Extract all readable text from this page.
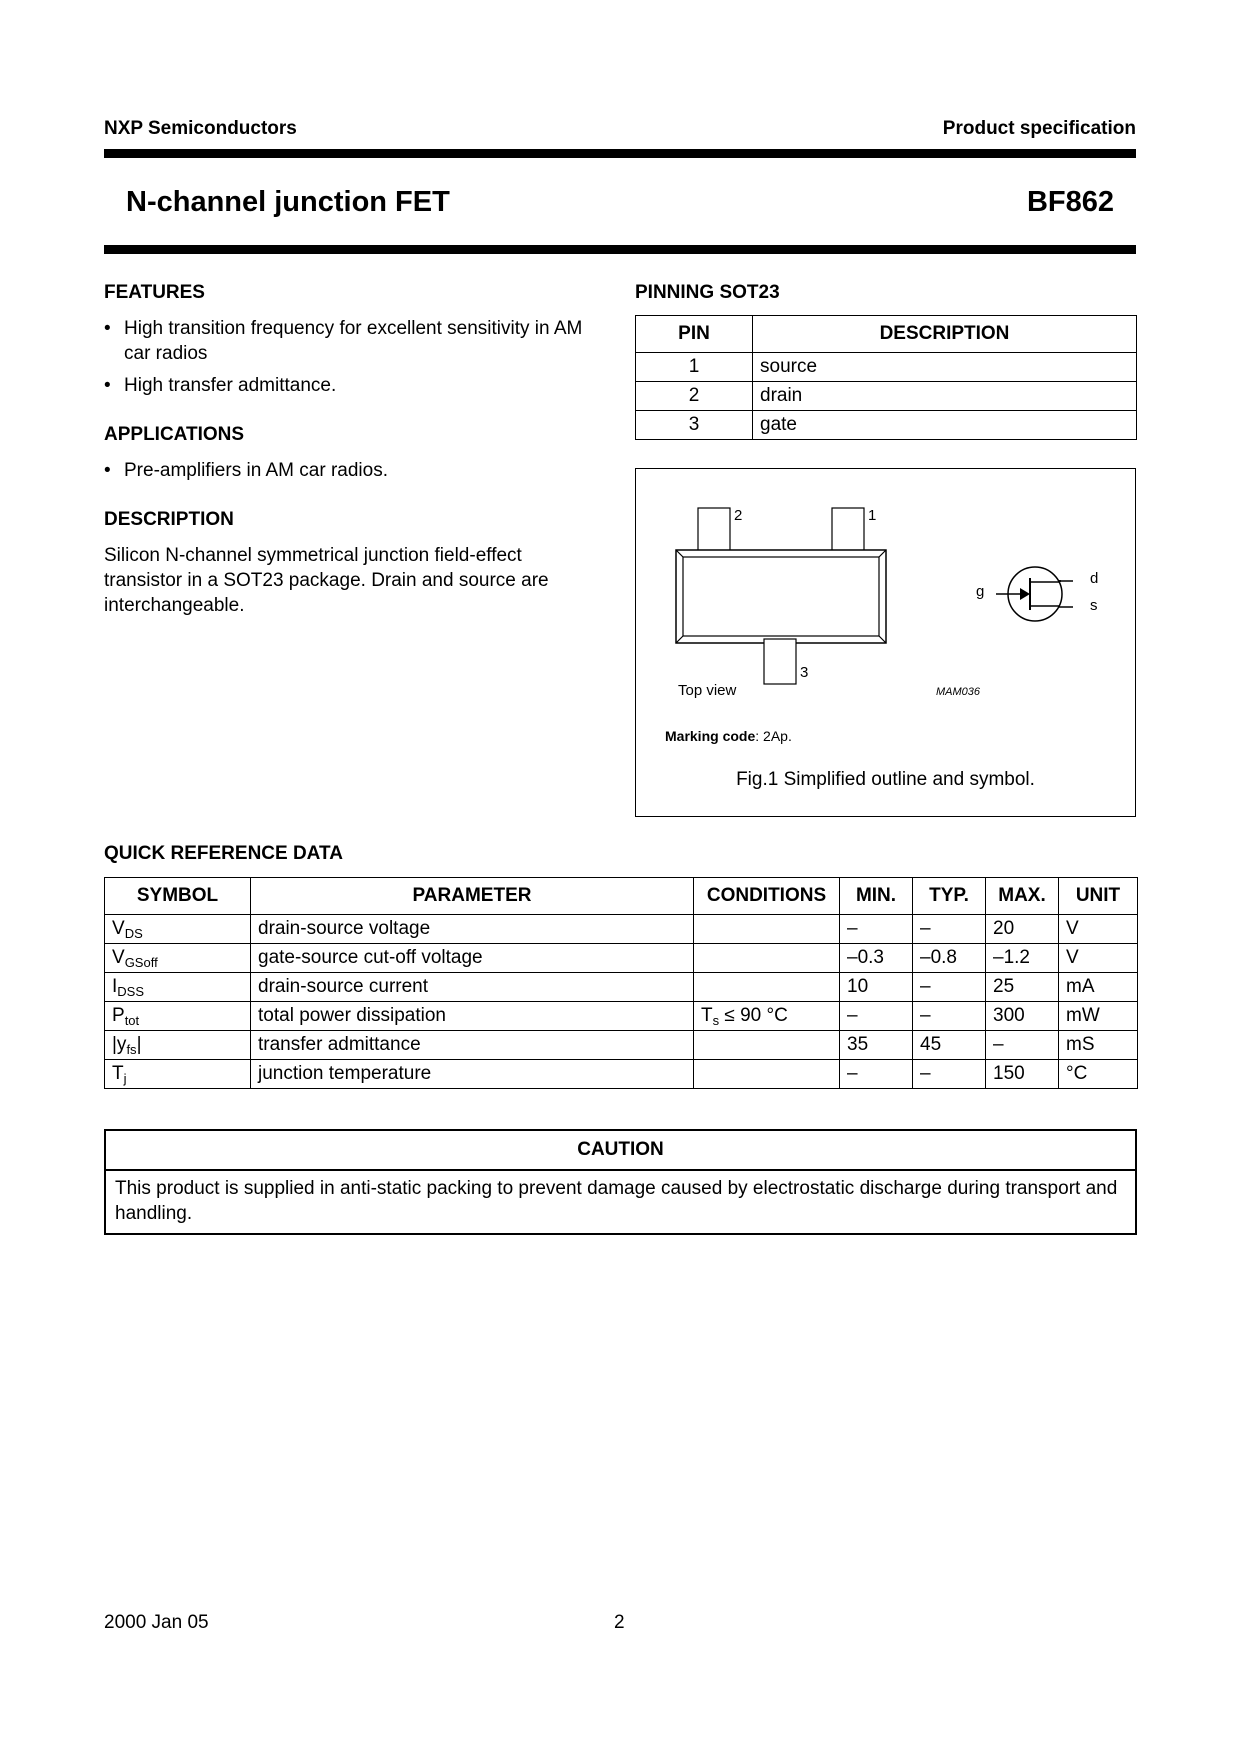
NXP Semiconductors	Product specification
N-channel junction FET	BF862
FEATURES
• High transition frequency for excellent sensitivity in AM car radios
• High transfer admittance.
APPLICATIONS
• Pre-amplifiers in AM car radios.
DESCRIPTION
Silicon N-channel symmetrical junction field-effect transistor in a SOT23 package. Drain and source are interchangeable.
PINNING SOT23
PIN	DESCRIPTION
1	source
2	drain
3	gate
2	1
3
g
d
s
Top view	MAM036
Marking code: 2Ap.
Fig.1 Simplified outline and symbol.
QUICK REFERENCE DATA
SYMBOL	PARAMETER	CONDITIONS	MIN.	TYP.	MAX.	UNIT
$V_{DS}$	drain-source voltage		–	–	20	V
$V_{GSoff}$	gate-source cut-off voltage		–0.3	–0.8	–1.2	V
$I_{DSS}$	drain-source current		10	–	25	mA
$P_{tot}$	total power dissipation	$T_s \le 90$ °C	–	–	300	mW
$|y_{fs}|$	transfer admittance		35	45	–	mS
$T_j$	junction temperature		–	–	150	°C
CAUTION
This product is supplied in anti-static packing to prevent damage caused by electrostatic discharge during transport and handling.
2000 Jan 05	2
